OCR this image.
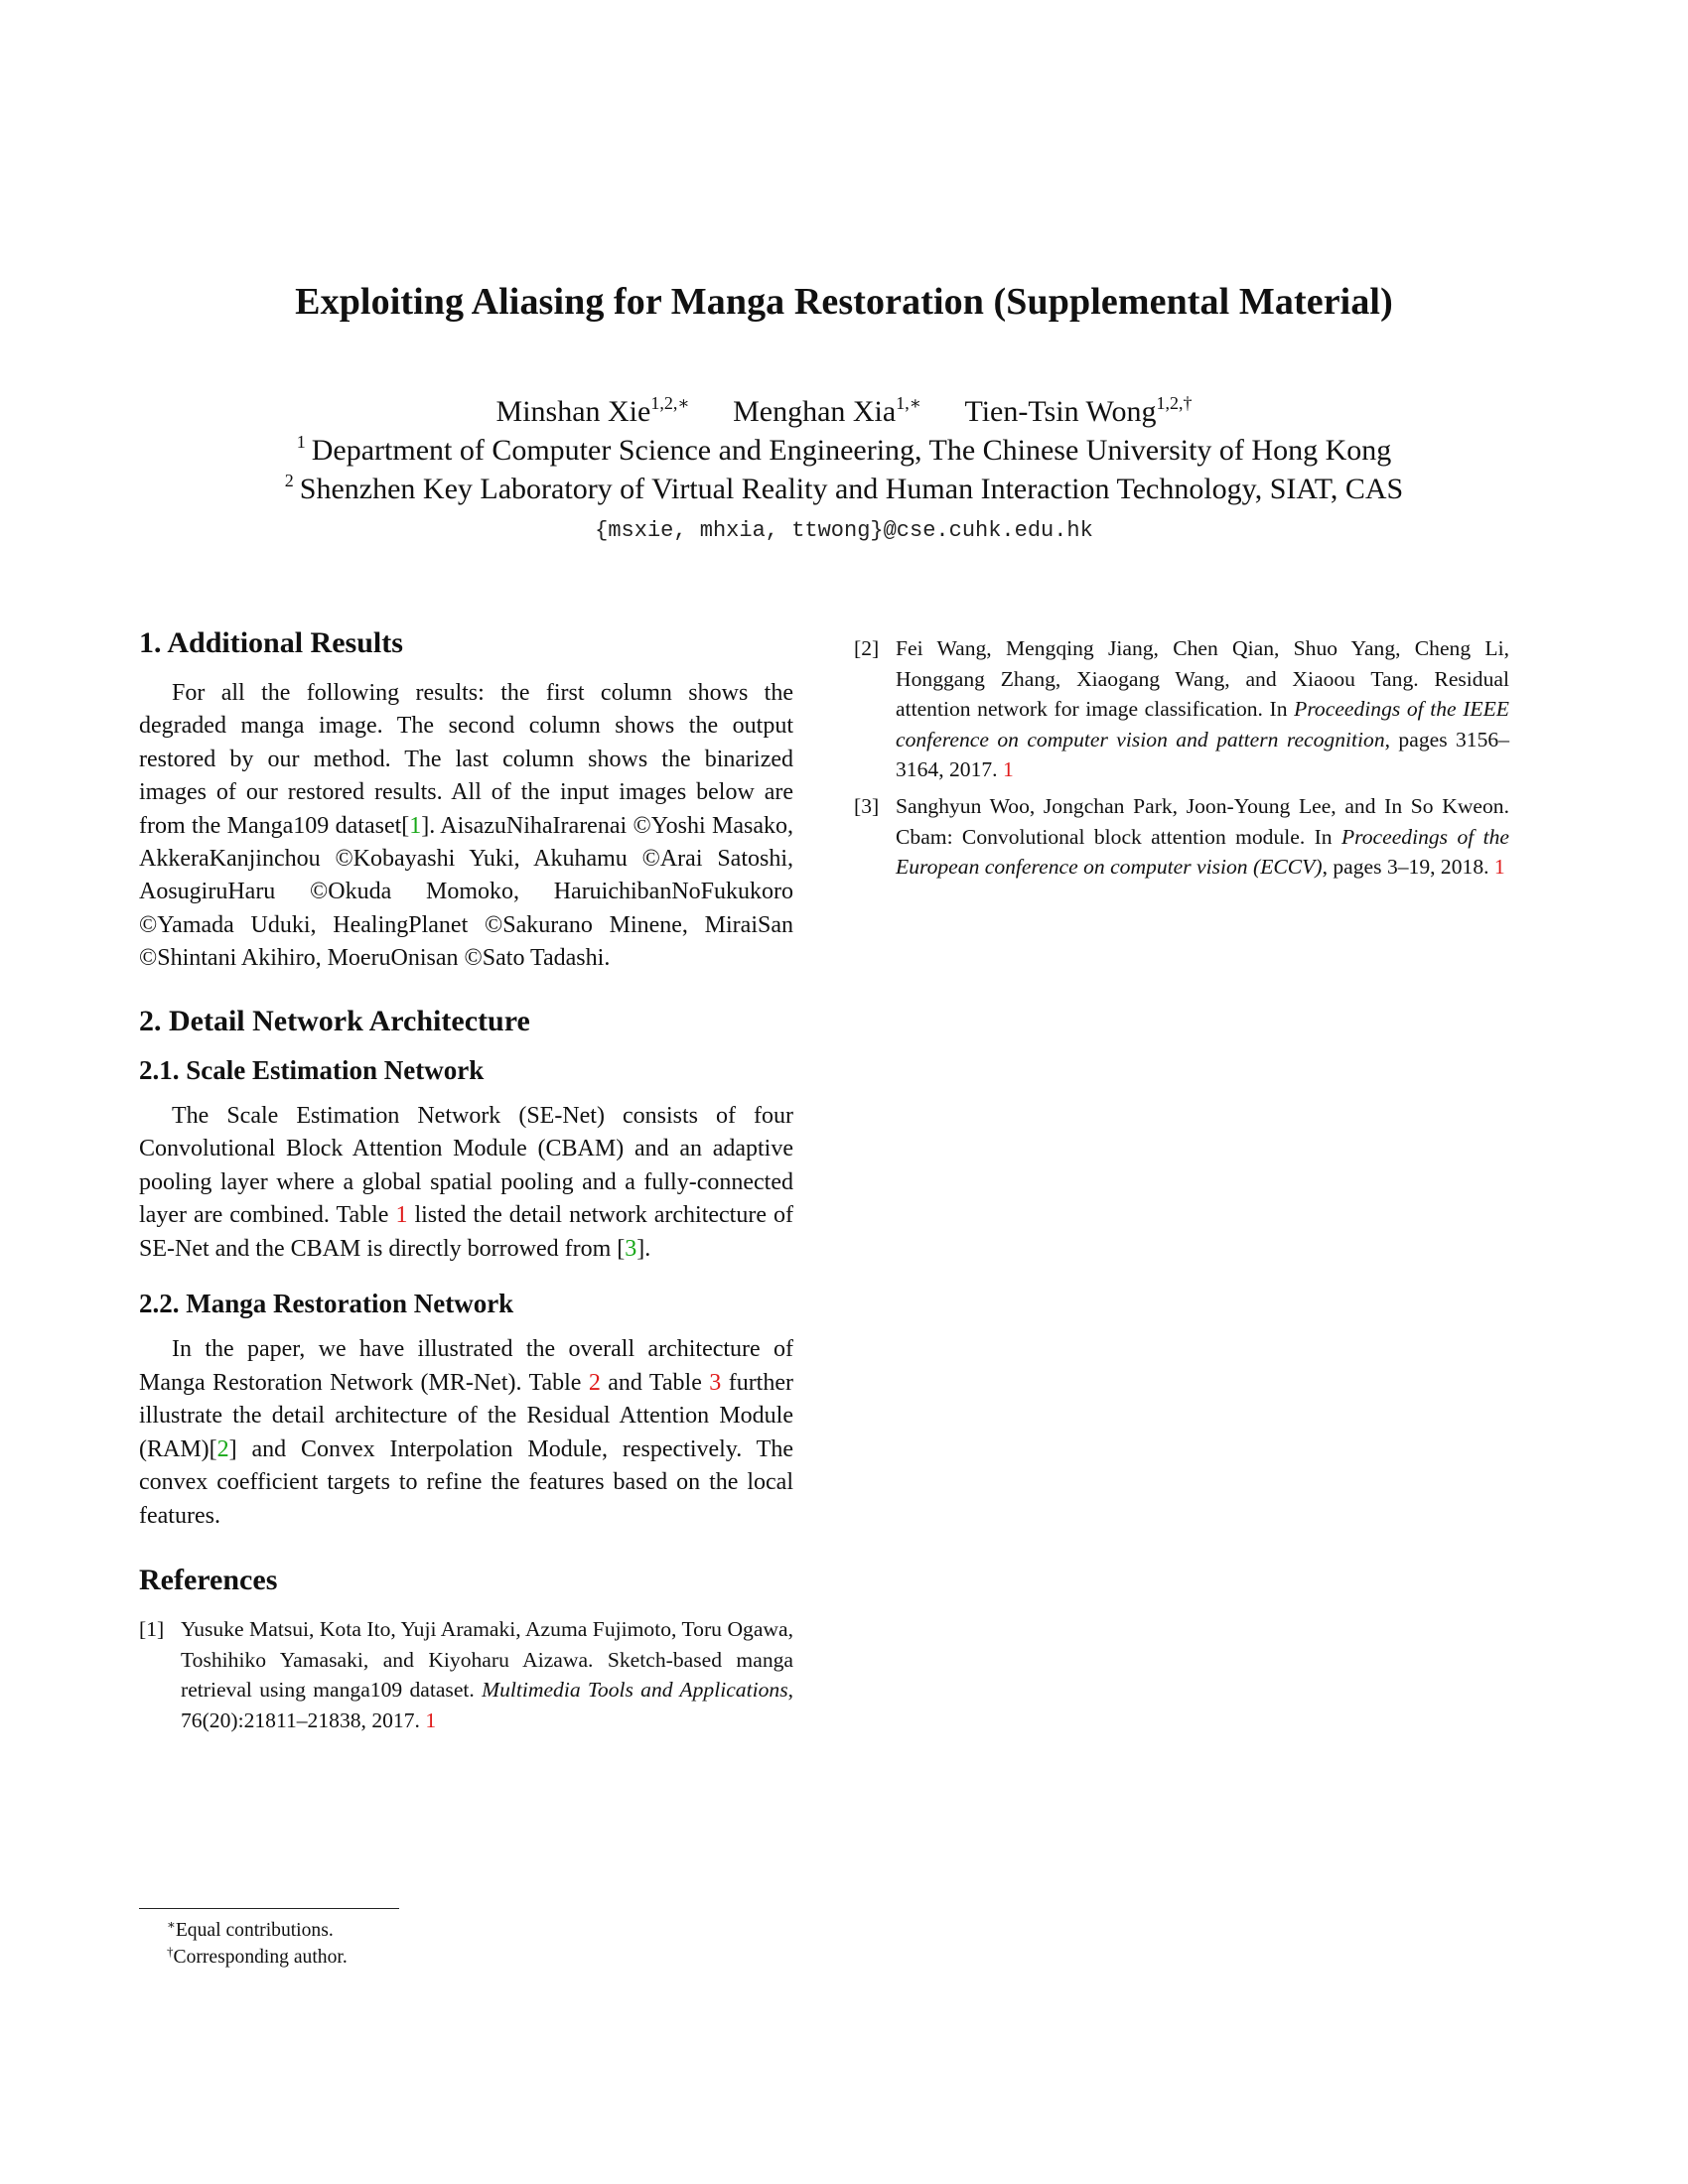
Exploiting Aliasing for Manga Restoration (Supplemental Material)
Minshan Xie$^{1,2,∗}$ Menghan Xia$^{1,∗}$ Tien-Tsin Wong$^{1,2,\dagger}$
$^1$ Department of Computer Science and Engineering, The Chinese University of Hong Kong
$^2$ Shenzhen Key Laboratory of Virtual Reality and Human Interaction Technology, SIAT, CAS
{msxie, mhxia, ttwong}@cse.cuhk.edu.hk
1. Additional Results

For all the following results: the first column shows the degraded manga image. The second column shows the output restored by our method. The last column shows the binarized images of our restored results. All of the input images below are from the Manga109 dataset[1]. AisazuNihaIrarenai ©Yoshi Masako, AkkeraKanjinchou ©Kobayashi Yuki, Akuhamu ©Arai Satoshi, AosugiruHaru ©Okuda Momoko, HaruichibanNoFukukoro ©Yamada Uduki, HealingPlanet ©Sakurano Minene, MiraiSan ©Shintani Akihiro, MoeruOnisan ©Sato Tadashi.

2. Detail Network Architecture
2.1. Scale Estimation Network

The Scale Estimation Network (SE-Net) consists of four Convolutional Block Attention Module (CBAM) and an adaptive pooling layer where a global spatial pooling and a fully-connected layer are combined. Table 1 listed the detail network architecture of SE-Net and the CBAM is directly borrowed from [3].

2.2. Manga Restoration Network

In the paper, we have illustrated the overall architecture of Manga Restoration Network (MR-Net). Table 2 and Table 3 further illustrate the detail architecture of the Residual Attention Module (RAM)[2] and Convex Interpolation Module, respectively. The convex coefficient targets to refine the features based on the local features.

References
[1] Yusuke Matsui, Kota Ito, Yuji Aramaki, Azuma Fujimoto, Toru Ogawa, Toshihiko Yamasaki, and Kiyoharu Aizawa. Sketch-based manga retrieval using manga109 dataset. Multimedia Tools and Applications, 76(20):21811–21838, 2017. 1
[2] Fei Wang, Mengqing Jiang, Chen Qian, Shuo Yang, Cheng Li, Honggang Zhang, Xiaogang Wang, and Xiaoou Tang. Residual attention network for image classification. In Proceedings of the IEEE conference on computer vision and pattern recognition, pages 3156–3164, 2017. 1
[3] Sanghyun Woo, Jongchan Park, Joon-Young Lee, and In So Kweon. Cbam: Convolutional block attention module. In Proceedings of the European conference on computer vision (ECCV), pages 3–19, 2018. 1
∗Equal contributions.
†Corresponding author.
